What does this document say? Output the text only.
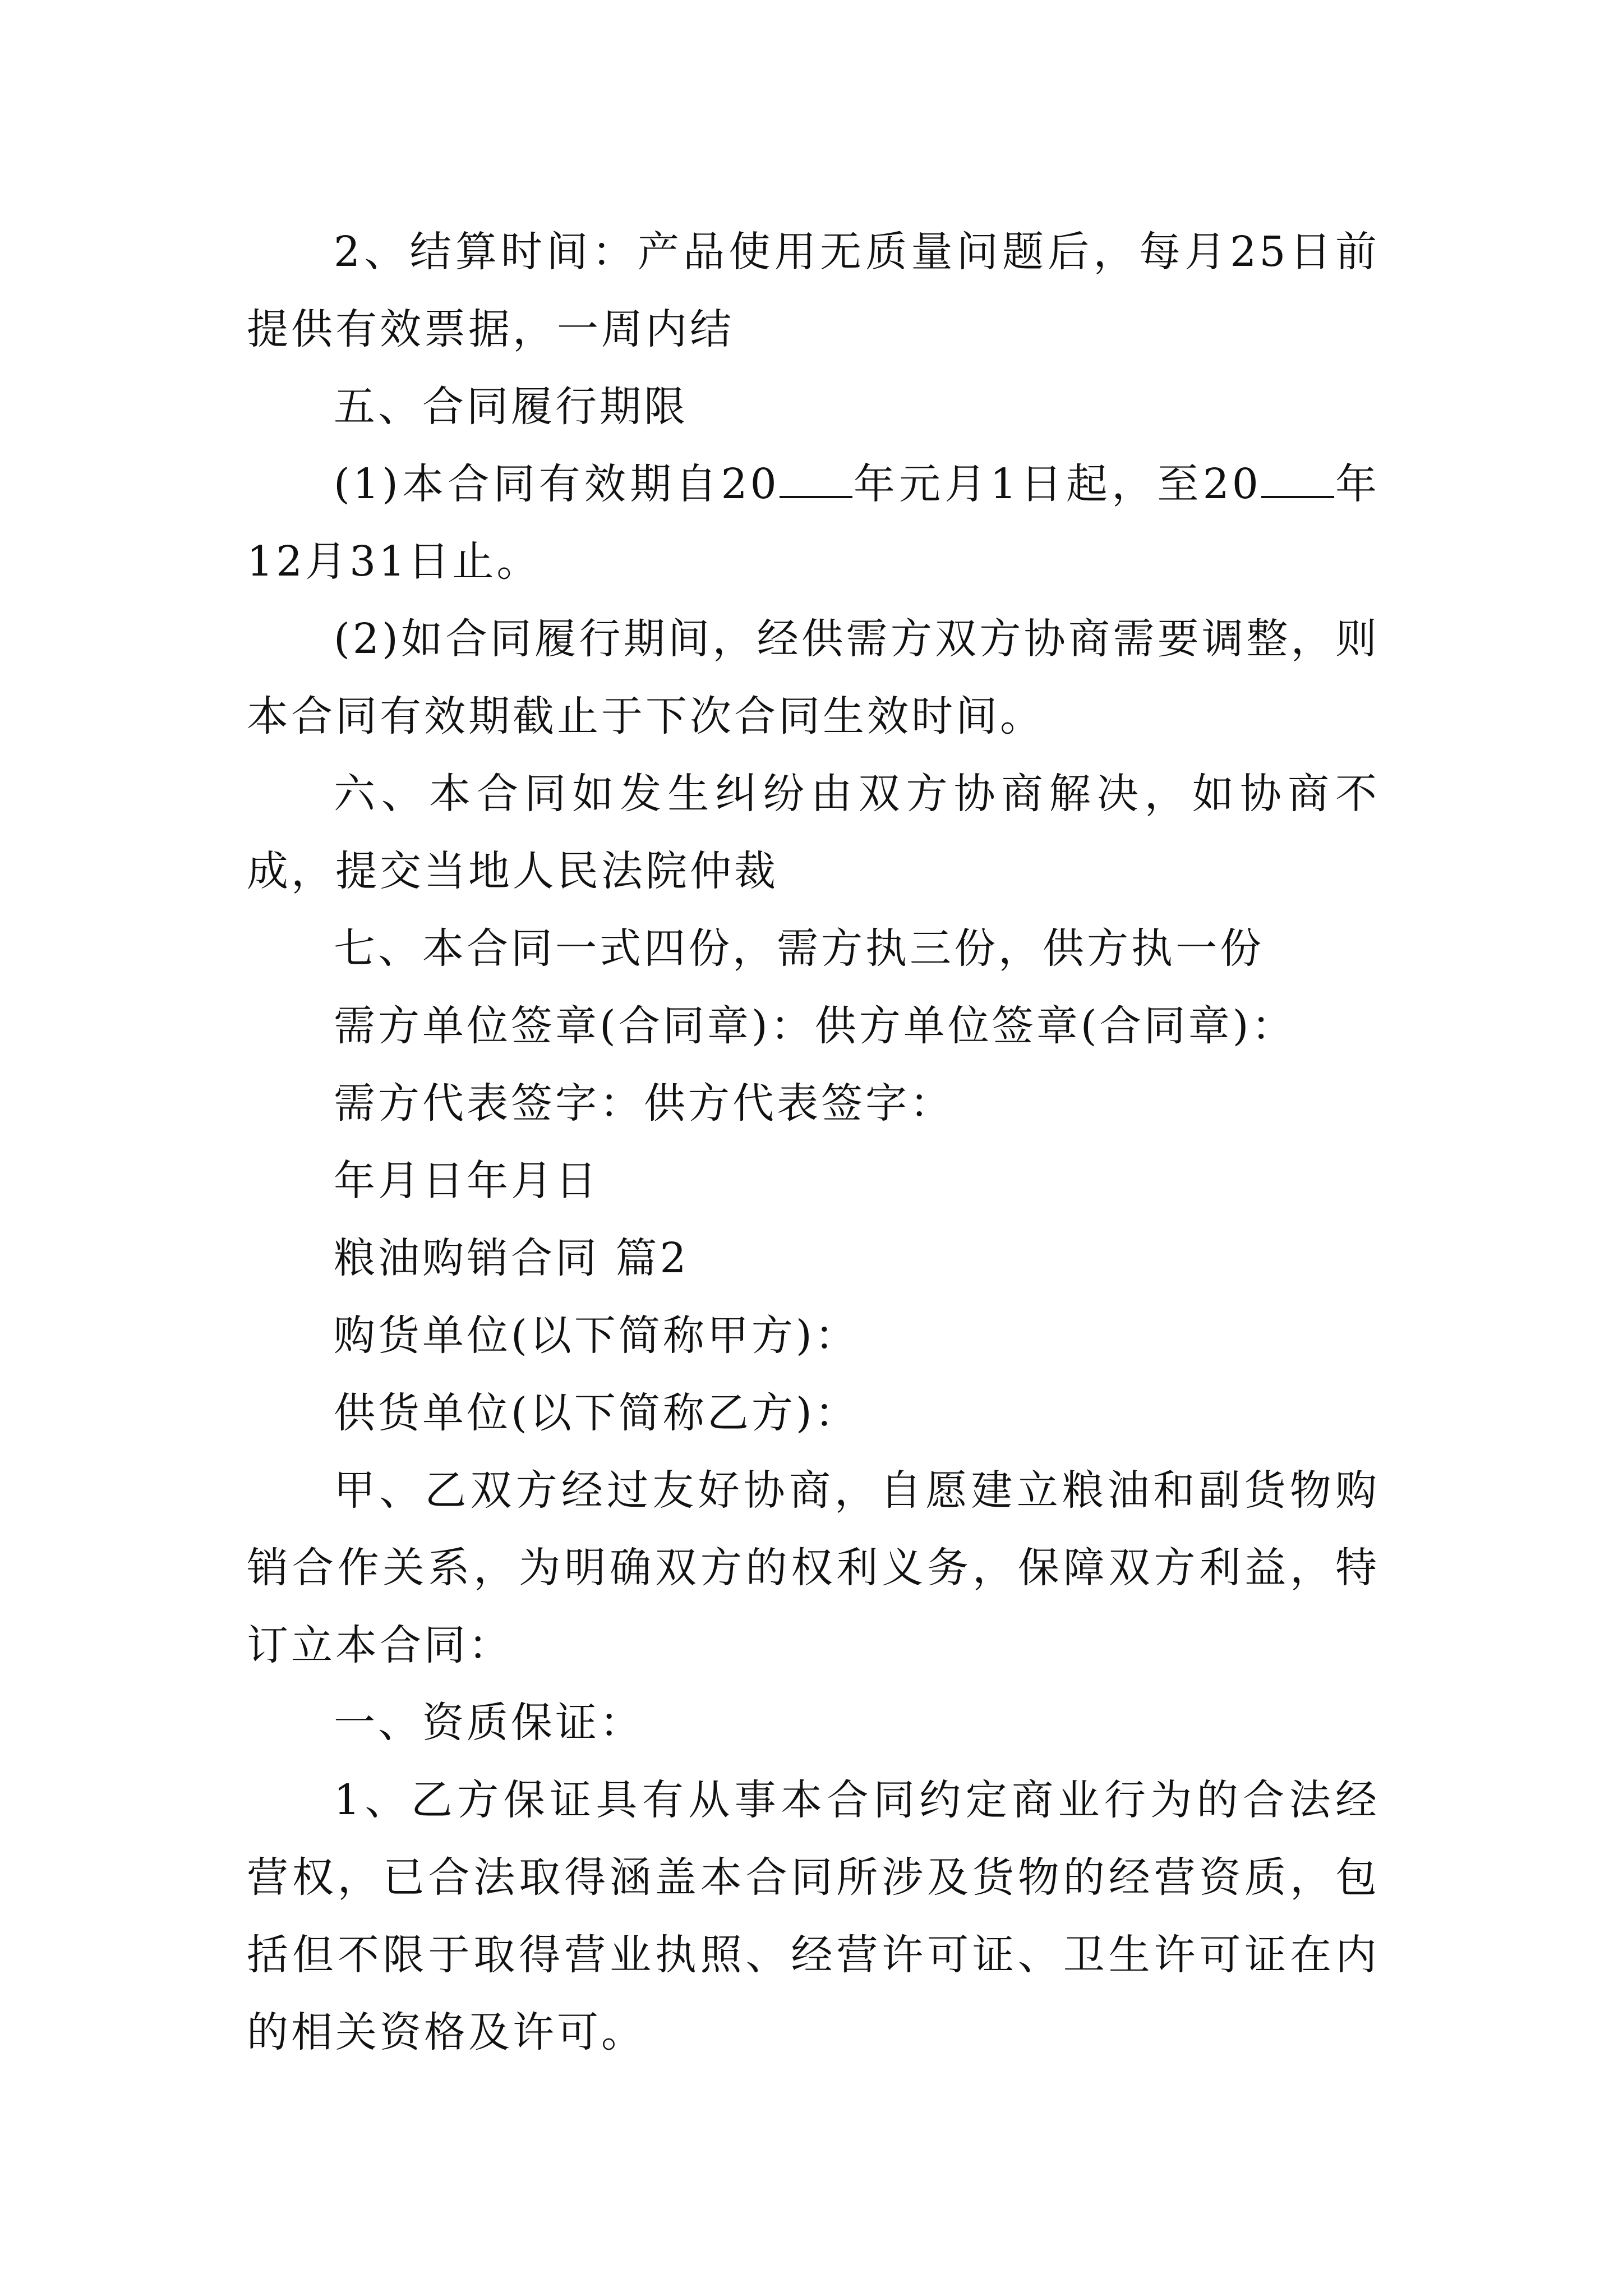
2、结算时间：产品使用无质量问题后，每月25日前提供有效票据，一周内结

五、合同履行期限

(1)本合同有效期自20 年元月1日起，至20 年12月31日止。

(2)如合同履行期间，经供需方双方协商需要调整，则本合同有效期截止于下次合同生效时间。

六、本合同如发生纠纷由双方协商解决，如协商不成，提交当地人民法院仲裁

七、本合同一式四份，需方执三份，供方执一份

需方单位签章(合同章)：供方单位签章(合同章)：

需方代表签字：供方代表签字：

年月日年月日

粮油购销合同 篇2

购货单位(以下简称甲方)：

供货单位(以下简称乙方)：

甲、乙双方经过友好协商，自愿建立粮油和副货物购销合作关系，为明确双方的权利义务，保障双方利益，特订立本合同：

一、资质保证：

1、乙方保证具有从事本合同约定商业行为的合法经营权，已合法取得涵盖本合同所涉及货物的经营资质，包括但不限于取得营业执照、经营许可证、卫生许可证在内的相关资格及许可。
